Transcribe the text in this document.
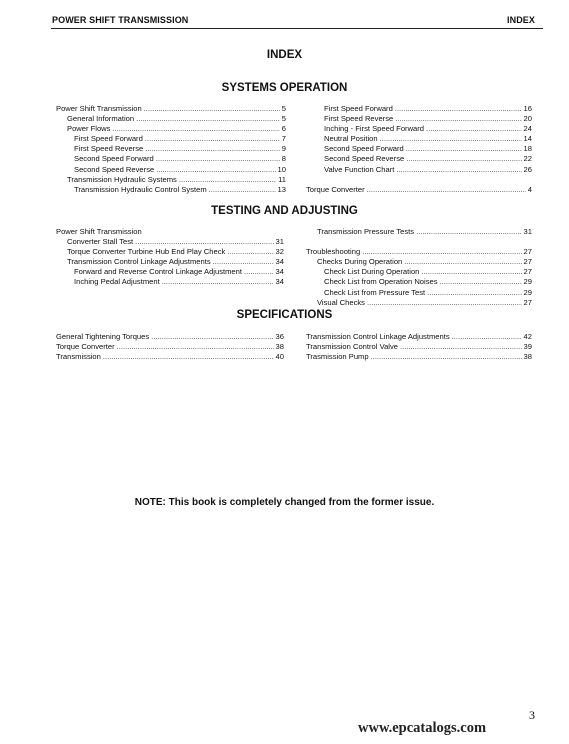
POWER SHIFT TRANSMISSION	INDEX
INDEX
SYSTEMS OPERATION
Power Shift Transmission .....	5
General Information .....	5
Power Flows .....	6
First Speed Forward .....	7
First Speed Reverse .....	9
Second Speed Forward .....	8
Second Speed Reverse .....	10
Transmission Hydraulic Systems .....	11
Transmission Hydraulic Control System .....	13
First Speed Forward .....	16
First Speed Reverse .....	20
Inching - First Speed Forward .....	24
Neutral Position .....	14
Second Speed Forward .....	18
Second Speed Reverse .....	22
Valve Function Chart .....	26

Torque Converter .....	4
TESTING AND ADJUSTING
Power Shift Transmission
Converter Stall Test .....	31
Torque Converter Turbine Hub End Play Check .....	32
Transmission Control Linkage Adjustments .....	34
Forward and Reverse Control Linkage Adjustment .....	34
Inching Pedal Adjustment .....	34
Transmission Pressure Tests .....	31

Troubleshooting .....	27
Checks During Operation .....	27
Check List During Operation .....	27
Check List from Operation Noises .....	29
Check List from Pressure Test .....	29
Visual Checks .....	27
SPECIFICATIONS
General Tightening Torques .....	36
Torque Converter .....	38
Transmission .....	40
Transmission Control Linkage Adjustments .....	42
Transmission Control Valve .....	39
Trasmission Pump .....	38
NOTE: This book is completely changed from the former issue.
3
www.epcatalogs.com
